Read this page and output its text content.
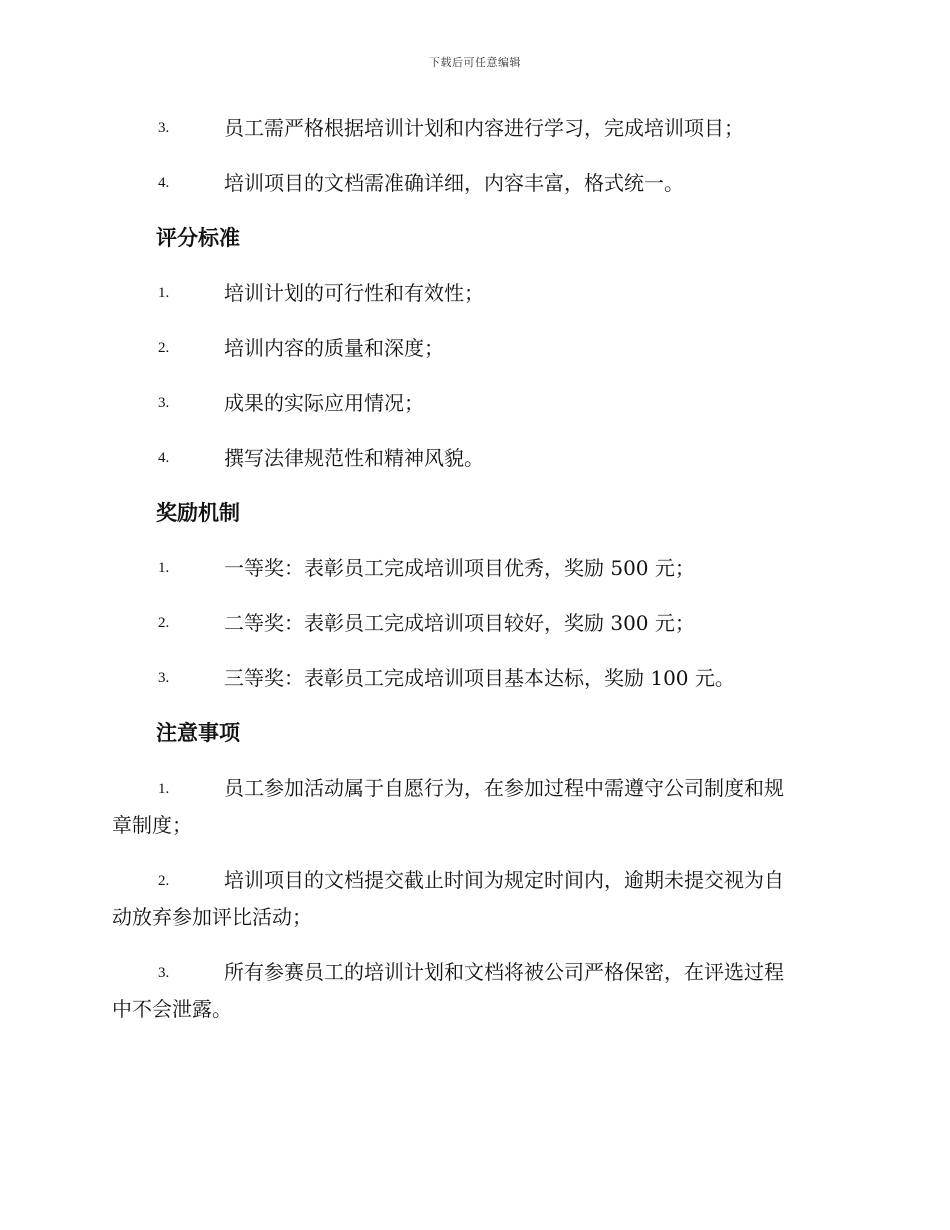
下载后可任意编辑
3.	员工需严格根据培训计划和内容进行学习，完成培训项目；
4.	培训项目的文档需准确详细，内容丰富，格式统一。
评分标准
1.	培训计划的可行性和有效性；
2.	培训内容的质量和深度；
3.	成果的实际应用情况；
4.	撰写法律规范性和精神风貌。
奖励机制
1.	一等奖：表彰员工完成培训项目优秀，奖励 500 元；
2.	二等奖：表彰员工完成培训项目较好，奖励 300 元；
3.	三等奖：表彰员工完成培训项目基本达标，奖励 100 元。
注意事项
1.	员工参加活动属于自愿行为，在参加过程中需遵守公司制度和规
章制度；
2.	培训项目的文档提交截止时间为规定时间内，逾期未提交视为自
动放弃参加评比活动；
3.	所有参赛员工的培训计划和文档将被公司严格保密，在评选过程
中不会泄露。
